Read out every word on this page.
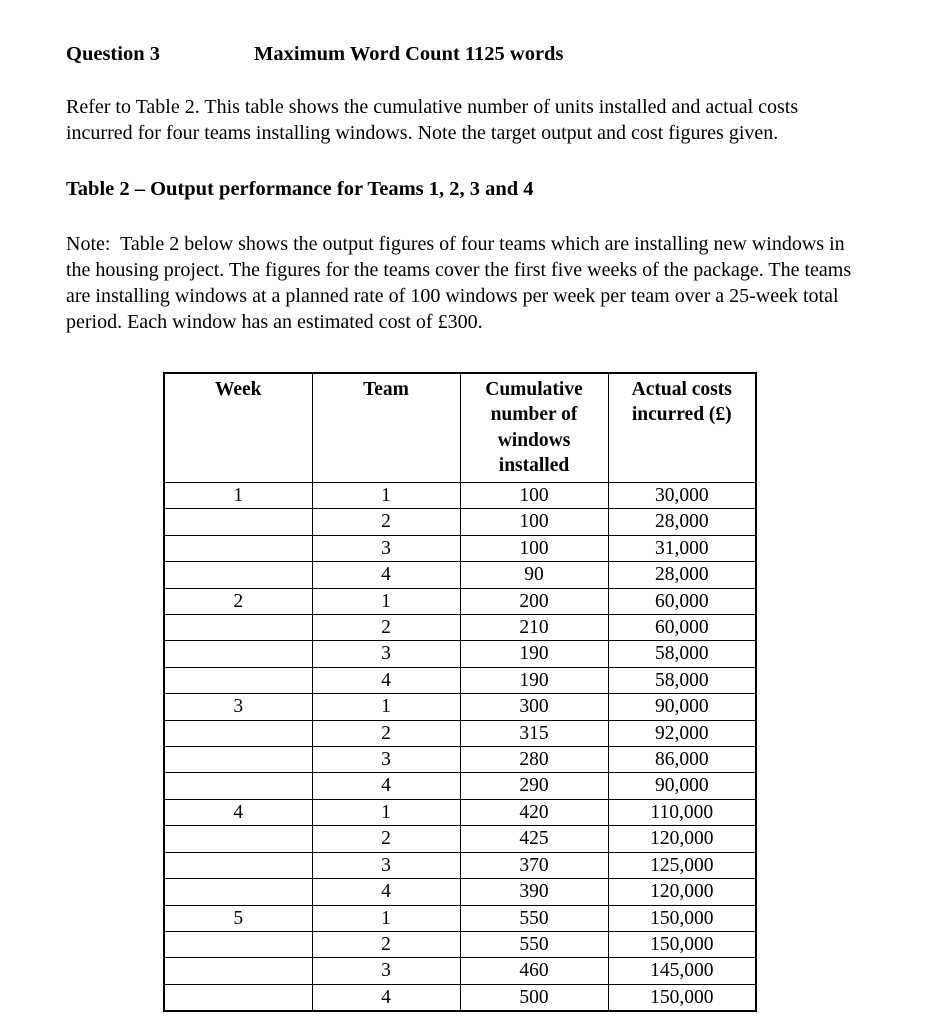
Question 3	Maximum Word Count 1125 words

Refer to Table 2. This table shows the cumulative number of units installed and actual costs incurred for four teams installing windows. Note the target output and cost figures given.

Table 2 – Output performance for Teams 1, 2, 3 and 4

Note:  Table 2 below shows the output figures of four teams which are installing new windows in the housing project. The figures for the teams cover the first five weeks of the package. The teams are installing windows at a planned rate of 100 windows per week per team over a 25-week total period. Each window has an estimated cost of £300.

Week	Team	Cumulative number of windows installed	Actual costs incurred (£)
1	1	100	30,000
	2	100	28,000
	3	100	31,000
	4	90	28,000
2	1	200	60,000
	2	210	60,000
	3	190	58,000
	4	190	58,000
3	1	300	90,000
	2	315	92,000
	3	280	86,000
	4	290	90,000
4	1	420	110,000
	2	425	120,000
	3	370	125,000
	4	390	120,000
5	1	550	150,000
	2	550	150,000
	3	460	145,000
	4	500	150,000
